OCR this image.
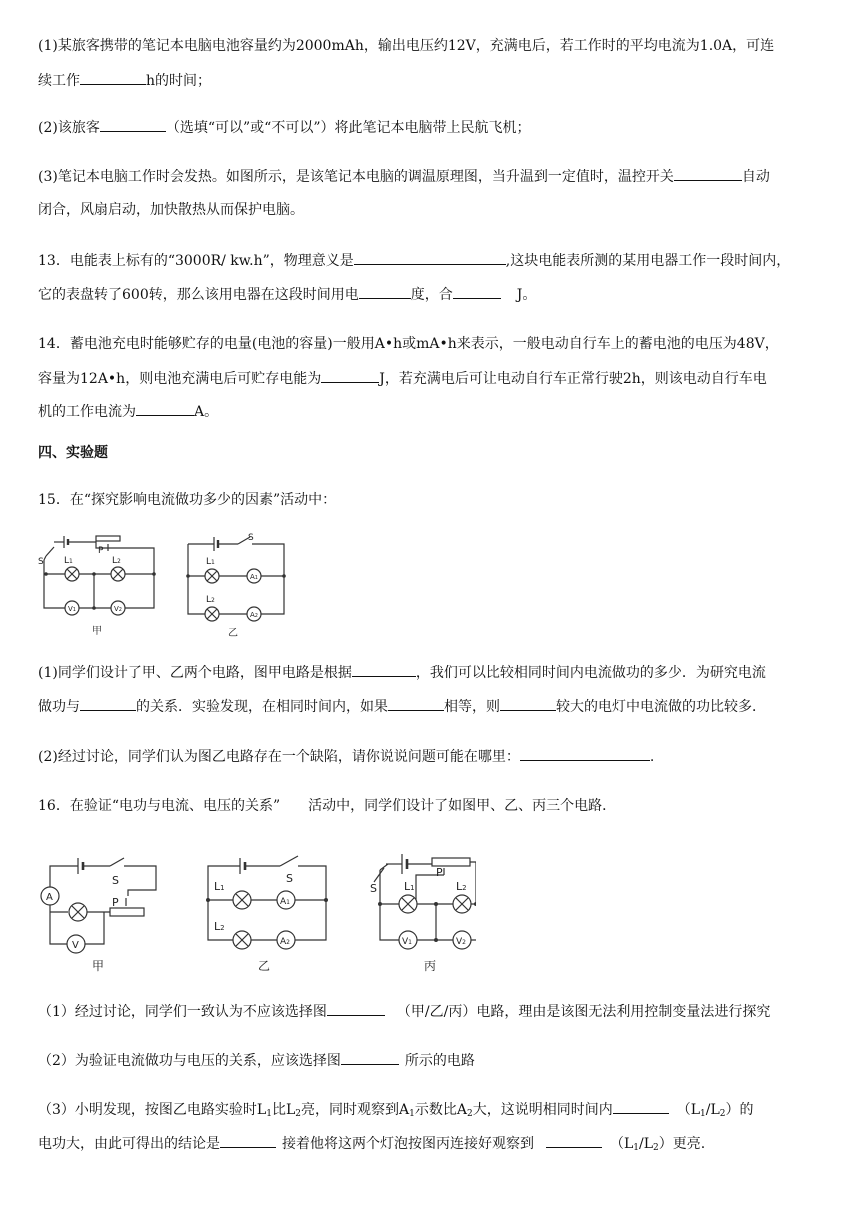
(1)某旅客携带的笔记本电脑电池容量约为2000mAh，输出电压约12V，充满电后，若工作时的平均电流为1.0A，可连
续工作	h的时间；
(2)该旅客	（选填“可以”或“不可以”）将此笔记本电脑带上民航飞机；
(3)笔记本电脑工作时会发热。如图所示，是该笔记本电脑的调温原理图，当升温到一定值时，温控开关	自动
闭合，风扇启动，加快散热从而保护电脑。
13．电能表上标有的“3000R/ kw.h”，物理意义是	,这块电能表所测的某用电器工作一段时间内，
它的表盘转了600转，那么该用电器在这段时间用电	度，合	J。
14．蓄电池充电时能够贮存的电量(电池的容量)一般用A•h或mA•h来表示，一般电动自行车上的蓄电池的电压为48V，
容量为12A•h，则电池充满电后可贮存电能为	J，若充满电后可让电动自行车正常行驶2h，则该电动自行车电
机的工作电流为	A。
四、实验题
15．在“探究影响电流做功多少的因素”活动中：
S
P
L1	L2
V1	V2
甲
S
L1
A1
L2
A2
乙
(1)同学们设计了甲、乙两个电路，图甲电路是根据	，我们可以比较相同时间内电流做功的多少．为研究电流
做功与	的关系．实验发现，在相同时间内，如果	相等，则	较大的电灯中电流做的功比较多．
(2)经过讨论，同学们认为图乙电路存在一个缺陷，请你说说问题可能在哪里：	.
16．在验证“电功与电流、电压的关系”　　活动中，同学们设计了如图甲、乙、丙三个电路．
A
V
S
P
甲
L1
S
A1
L2
A2
乙
S
P
L1	L2
V1	V2
丙
（1）经过讨论，同学们一致认为不应该选择图	（甲/乙/丙）电路，理由是该图无法利用控制变量法进行探究
（2）为验证电流做功与电压的关系，应该选择图	所示的电路
（3）小明发现，按图乙电路实验时$L_1$比$L_2$亮，同时观察到$A_1$示数比$A_2$大，这说明相同时间内	$(L_1/L_2)$的
电功大，由此可得出的结论是	接着他将这两个灯泡按图丙连接好观察到	$(L_1/L_2)$更亮.
